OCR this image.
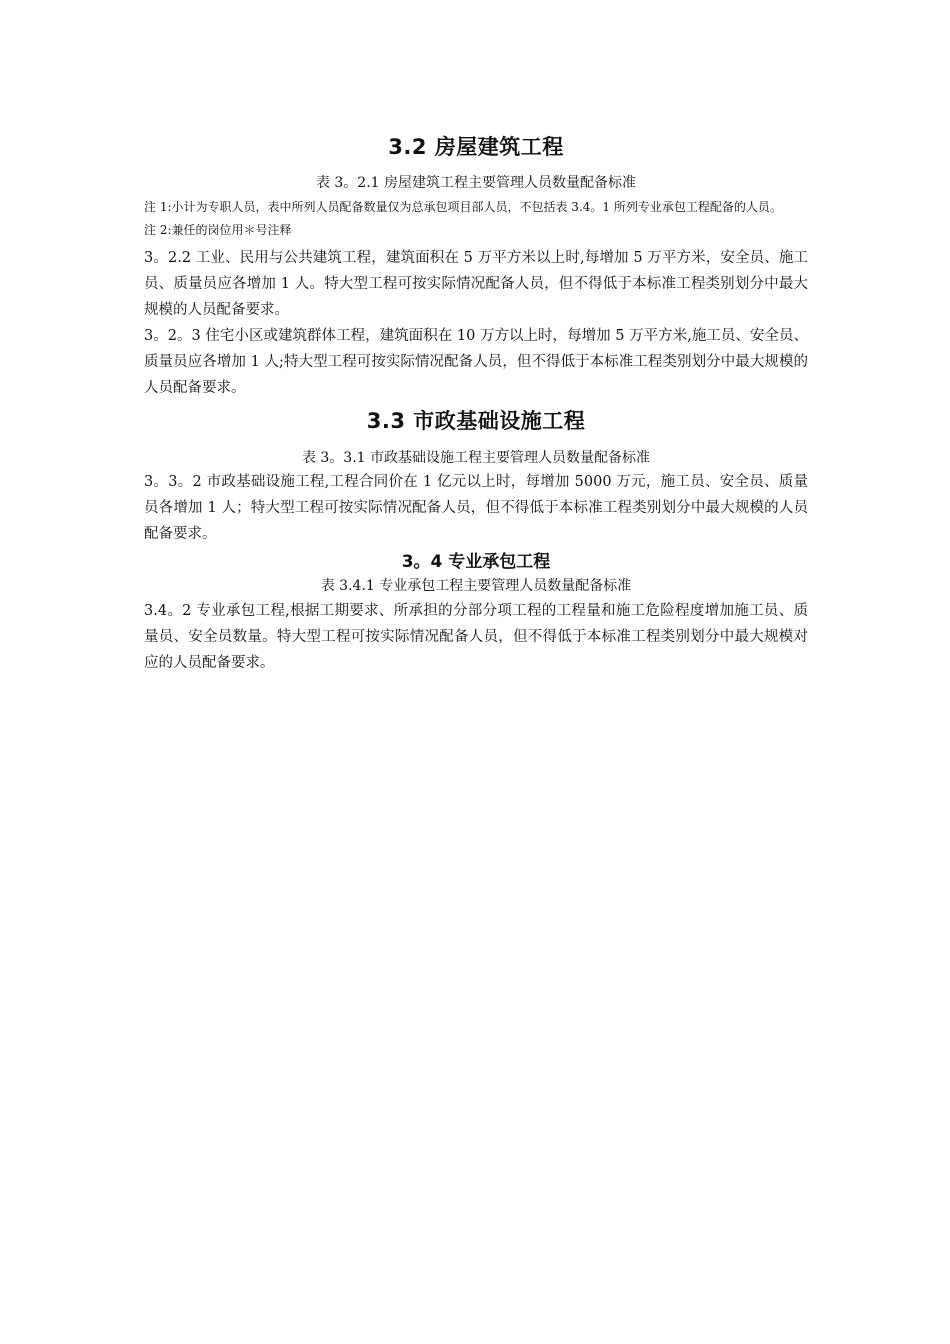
3.2 房屋建筑工程

表 3。2.1 房屋建筑工程主要管理人员数量配备标准

注 1:小计为专职人员，表中所列人员配备数量仅为总承包项目部人员，不包括表 3.4。1 所列专业承包工程配备的人员。

注 2:兼任的岗位用＊号注释

3。2.2 工业、民用与公共建筑工程，建筑面积在 5 万平方米以上时,每增加 5 万平方米，安全员、施工员、质量员应各增加 1 人。特大型工程可按实际情况配备人员，但不得低于本标准工程类别划分中最大规模的人员配备要求。

3。2。3 住宅小区或建筑群体工程，建筑面积在 10 万方以上时，每增加 5 万平方米,施工员、安全员、质量员应各增加 1 人;特大型工程可按实际情况配备人员，但不得低于本标准工程类别划分中最大规模的人员配备要求。

3.3 市政基础设施工程

表 3。3.1 市政基础设施工程主要管理人员数量配备标准

3。3。2 市政基础设施工程,工程合同价在 1 亿元以上时，每增加 5000 万元，施工员、安全员、质量员各增加 1 人；特大型工程可按实际情况配备人员，但不得低于本标准工程类别划分中最大规模的人员配备要求。

3。4 专业承包工程

表 3.4.1 专业承包工程主要管理人员数量配备标准

3.4。2 专业承包工程,根据工期要求、所承担的分部分项工程的工程量和施工危险程度增加施工员、质量员、安全员数量。特大型工程可按实际情况配备人员，但不得低于本标准工程类别划分中最大规模对应的人员配备要求。
